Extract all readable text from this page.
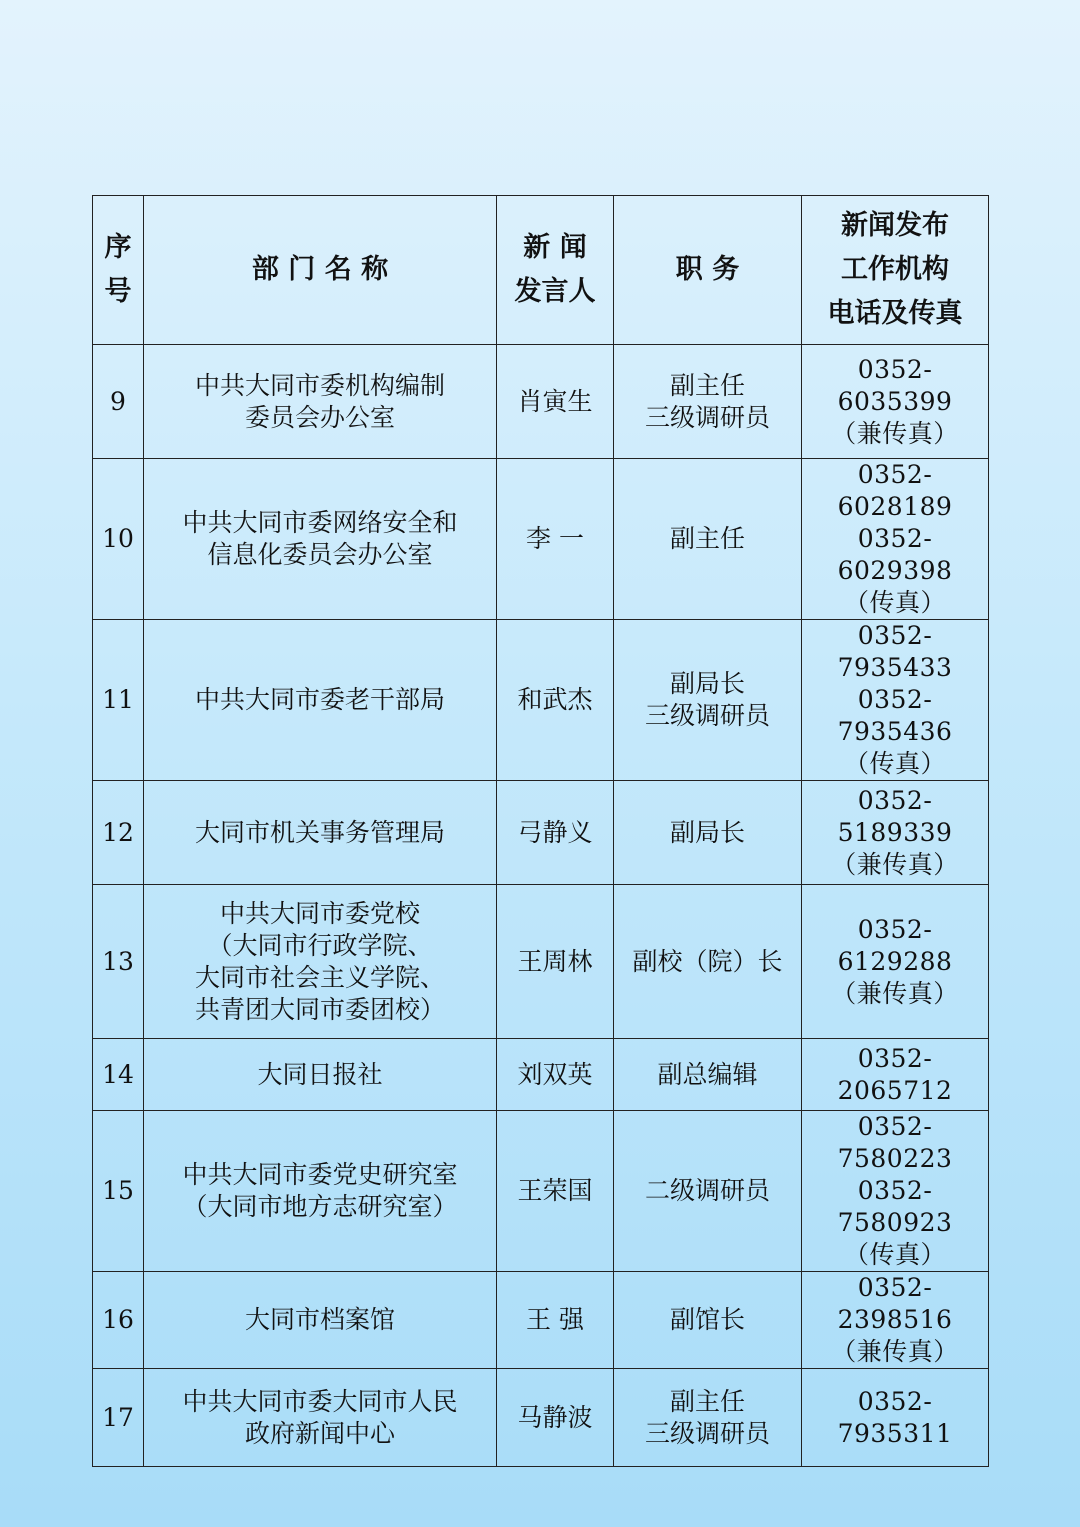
序
号	部 门 名 称	新 闻
发言人	职 务	新闻发布
工作机构
电话及传真
9	中共大同市委机构编制
委员会办公室	肖寅生	副主任
三级调研员	0352-6035399
（兼传真）
10	中共大同市委网络安全和
信息化委员会办公室	李 一	副主任	0352-6028189
0352-6029398
（传真）
11	中共大同市委老干部局	和武杰	副局长
三级调研员	0352-7935433
0352-7935436
（传真）
12	大同市机关事务管理局	弓静义	副局长	0352-5189339
（兼传真）
13	中共大同市委党校
（大同市行政学院、
大同市社会主义学院、
共青团大同市委团校）	王周林	副校（院）长	0352-6129288
（兼传真）
14	大同日报社	刘双英	副总编辑	0352-2065712
15	中共大同市委党史研究室
（大同市地方志研究室）	王荣国	二级调研员	0352-7580223
0352-7580923
（传真）
16	大同市档案馆	王 强	副馆长	0352-2398516
（兼传真）
17	中共大同市委大同市人民
政府新闻中心	马静波	副主任
三级调研员	0352-7935311
